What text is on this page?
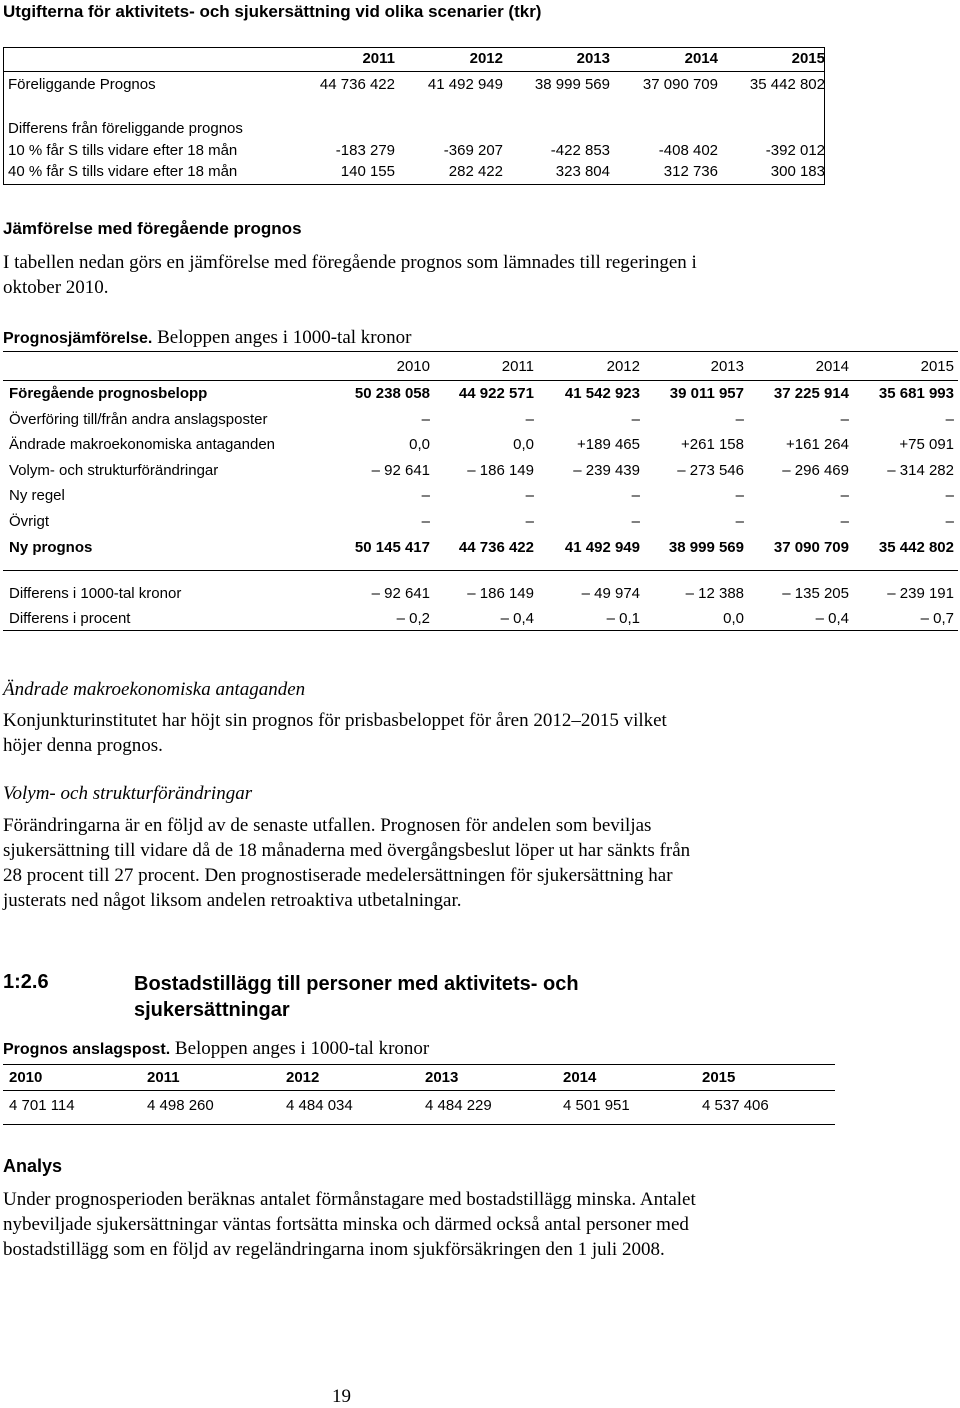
Utgifterna för aktivitets- och sjukersättning vid olika scenarier (tkr)
2011	2012	2013	2014	2015
Föreliggande Prognos	44 736 422	41 492 949	38 999 569	37 090 709	35 442 802
Differens från föreliggande prognos
10 % får S tills vidare efter 18 mån	-183 279	-369 207	-422 853	-408 402	-392 012
40 % får S tills vidare efter 18 mån	140 155	282 422	323 804	312 736	300 183
Jämförelse med föregående prognos
I tabellen nedan görs en jämförelse med föregående prognos som lämnades till regeringen i oktober 2010.
Prognosjämförelse. Beloppen anges i 1000-tal kronor
2010	2011	2012	2013	2014	2015
Föregående prognosbelopp	50 238 058	44 922 571	41 542 923	39 011 957	37 225 914	35 681 993
Överföring till/från andra anslagsposter	–	–	–	–	–	–
Ändrade makroekonomiska antaganden	0,0	0,0	+189 465	+261 158	+161 264	+75 091
Volym- och strukturförändringar	– 92 641	– 186 149	– 239 439	– 273 546	– 296 469	– 314 282
Ny regel	–	–	–	–	–	–
Övrigt	–	–	–	–	–	–
Ny prognos	50 145 417	44 736 422	41 492 949	38 999 569	37 090 709	35 442 802
Differens i 1000-tal kronor	– 92 641	– 186 149	– 49 974	– 12 388	– 135 205	– 239 191
Differens i procent	– 0,2	– 0,4	– 0,1	0,0	– 0,4	– 0,7
Ändrade makroekonomiska antaganden
Konjunkturinstitutet har höjt sin prognos för prisbasbeloppet för åren 2012–2015 vilket höjer denna prognos.
Volym- och strukturförändringar
Förändringarna är en följd av de senaste utfallen. Prognosen för andelen som beviljas sjukersättning till vidare då de 18 månaderna med övergångsbeslut löper ut har sänkts från 28 procent till 27 procent. Den prognostiserade medelersättningen för sjukersättning har justerats ned något liksom andelen retroaktiva utbetalningar.
1:2.6	Bostadstillägg till personer med aktivitets- och sjukersättningar
Prognos anslagspost. Beloppen anges i 1000-tal kronor
2010	2011	2012	2013	2014	2015
4 701 114	4 498 260	4 484 034	4 484 229	4 501 951	4 537 406
Analys
Under prognosperioden beräknas antalet förmånstagare med bostadstillägg minska. Antalet nybeviljade sjukersättningar väntas fortsätta minska och därmed också antal personer med bostadstillägg som en följd av regeländringarna inom sjukförsäkringen den 1 juli 2008.
19
